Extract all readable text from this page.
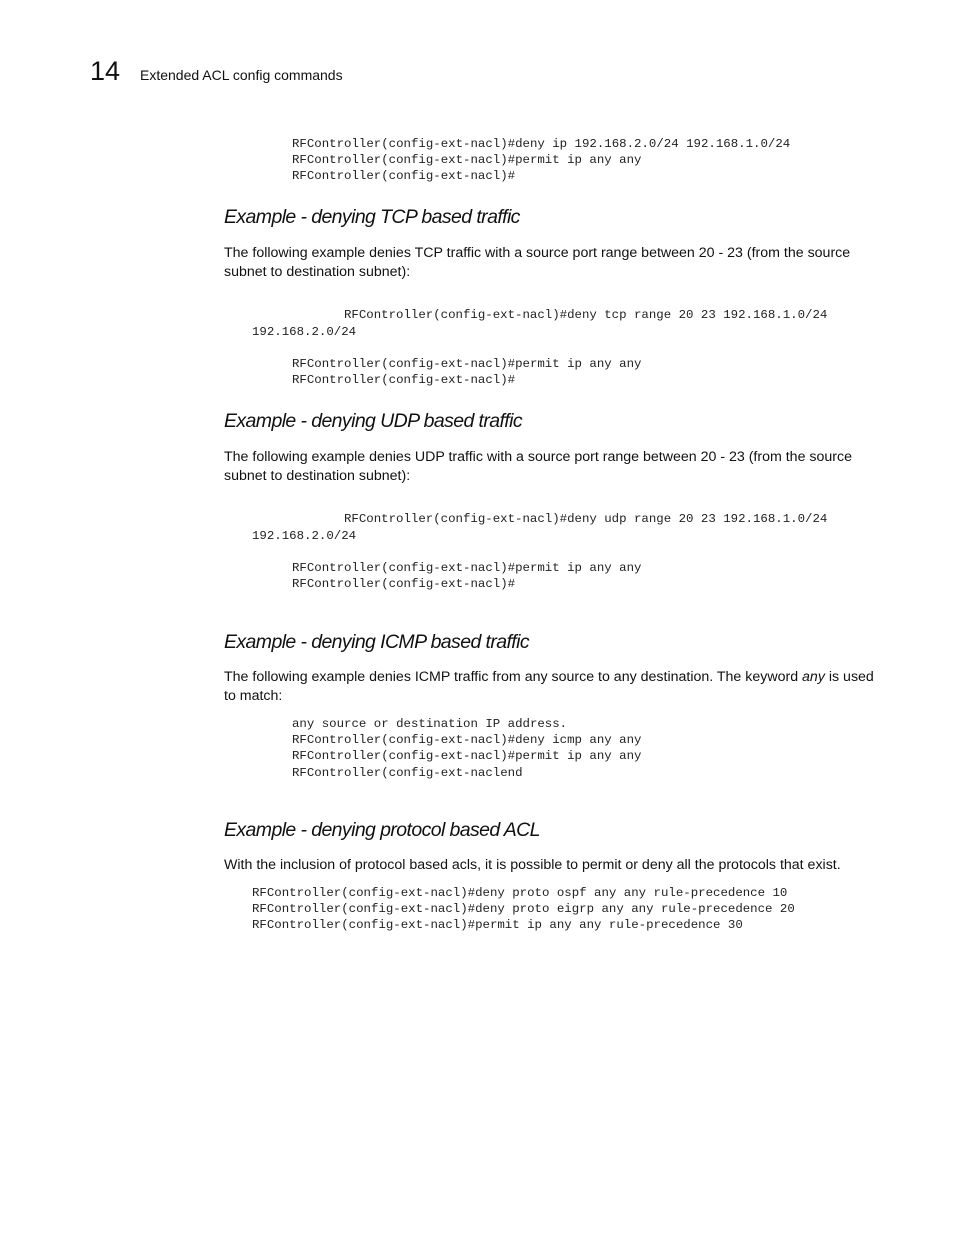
14 Extended ACL config commands
RFController(config-ext-nacl)#deny ip 192.168.2.0/24 192.168.1.0/24
RFController(config-ext-nacl)#permit ip any any
RFController(config-ext-nacl)#
Example - denying TCP based traffic

The following example denies TCP traffic with a source port range between 20 - 23 (from the source subnet to destination subnet):

RFController(config-ext-nacl)#deny tcp range 20 23 192.168.1.0/24
192.168.2.0/24
RFController(config-ext-nacl)#permit ip any any
RFController(config-ext-nacl)#
Example - denying UDP based traffic

The following example denies UDP traffic with a source port range between 20 - 23 (from the source subnet to destination subnet):

RFController(config-ext-nacl)#deny udp range 20 23 192.168.1.0/24
192.168.2.0/24
RFController(config-ext-nacl)#permit ip any any
RFController(config-ext-nacl)#
Example - denying ICMP based traffic

The following example denies ICMP traffic from any source to any destination. The keyword any is used to match:

any source or destination IP address.
RFController(config-ext-nacl)#deny icmp any any
RFController(config-ext-nacl)#permit ip any any
RFController(config-ext-naclend
Example - denying protocol based ACL

With the inclusion of protocol based acls, it is possible to permit or deny all the protocols that exist.

RFController(config-ext-nacl)#deny proto ospf any any rule-precedence 10
RFController(config-ext-nacl)#deny proto eigrp any any rule-precedence 20
RFController(config-ext-nacl)#permit ip any any rule-precedence 30
